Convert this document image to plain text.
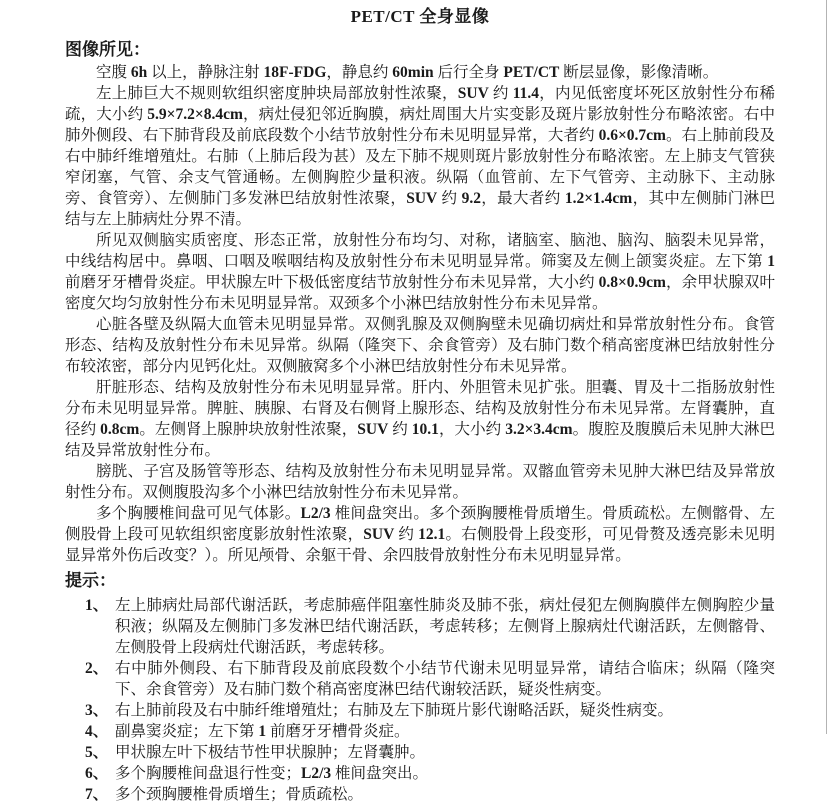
PET/CT 全身显像
图像所见：

空腹 6h 以上，静脉注射 18F-FDG，静息约 60min 后行全身 PET/CT 断层显像，影像清晰。

左上肺巨大不规则软组织密度肿块局部放射性浓聚，SUV 约 11.4，内见低密度坏死区放射性分布稀疏，大小约 5.9×7.2×8.4cm，病灶侵犯邻近胸膜，病灶周围大片实变影及斑片影放射性分布略浓密。右中肺外侧段、右下肺背段及前底段数个小结节放射性分布未见明显异常，大者约 0.6×0.7cm。右上肺前段及右中肺纤维增殖灶。右肺（上肺后段为甚）及左下肺不规则斑片影放射性分布略浓密。左上肺支气管狭窄闭塞，气管、余支气管通畅。左侧胸腔少量积液。纵隔（血管前、左下气管旁、主动脉下、主动脉旁、食管旁）、左侧肺门多发淋巴结放射性浓聚，SUV 约 9.2，最大者约 1.2×1.4cm，其中左侧肺门淋巴结与左上肺病灶分界不清。

所见双侧脑实质密度、形态正常，放射性分布均匀、对称，诸脑室、脑池、脑沟、脑裂未见异常，中线结构居中。鼻咽、口咽及喉咽结构及放射性分布未见明显异常。筛窦及左侧上颌窦炎症。左下第 1 前磨牙牙槽骨炎症。甲状腺左叶下极低密度结节放射性分布未见异常，大小约 0.8×0.9cm，余甲状腺双叶密度欠均匀放射性分布未见明显异常。双颈多个小淋巴结放射性分布未见异常。

心脏各壁及纵隔大血管未见明显异常。双侧乳腺及双侧胸壁未见确切病灶和异常放射性分布。食管形态、结构及放射性分布未见异常。纵隔（隆突下、余食管旁）及右肺门数个稍高密度淋巴结放射性分布较浓密，部分内见钙化灶。双侧腋窝多个小淋巴结放射性分布未见异常。

肝脏形态、结构及放射性分布未见明显异常。肝内、外胆管未见扩张。胆囊、胃及十二指肠放射性分布未见明显异常。脾脏、胰腺、右肾及右侧肾上腺形态、结构及放射性分布未见异常。左肾囊肿，直径约 0.8cm。左侧肾上腺肿块放射性浓聚，SUV 约 10.1，大小约 3.2×3.4cm。腹腔及腹膜后未见肿大淋巴结及异常放射性分布。

膀胱、子宫及肠管等形态、结构及放射性分布未见明显异常。双髂血管旁未见肿大淋巴结及异常放射性分布。双侧腹股沟多个小淋巴结放射性分布未见异常。

多个胸腰椎间盘可见气体影。L2/3 椎间盘突出。多个颈胸腰椎骨质增生。骨质疏松。左侧髂骨、左侧股骨上段可见软组织密度影放射性浓聚，SUV 约 12.1。右侧股骨上段变形，可见骨赘及透亮影未见明显异常外伤后改变？）。所见颅骨、余躯干骨、余四肢骨放射性分布未见明显异常。

提示：
1、 左上肺病灶局部代谢活跃，考虑肺癌伴阻塞性肺炎及肺不张，病灶侵犯左侧胸膜伴左侧胸腔少量积液；纵隔及左侧肺门多发淋巴结代谢活跃，考虑转移；左侧肾上腺病灶代谢活跃，左侧髂骨、左侧股骨上段病灶代谢活跃，考虑转移。
2、 右中肺外侧段、右下肺背段及前底段数个小结节代谢未见明显异常，请结合临床；纵隔（隆突下、余食管旁）及右肺门数个稍高密度淋巴结代谢较活跃，疑炎性病变。
3、 右上肺前段及右中肺纤维增殖灶；右肺及左下肺斑片影代谢略活跃，疑炎性病变。
4、 副鼻窦炎症；左下第 1 前磨牙牙槽骨炎症。
5、 甲状腺左叶下极结节性甲状腺肿；左肾囊肿。
6、 多个胸腰椎间盘退行性变；L2/3 椎间盘突出。
7、 多个颈胸腰椎骨质增生；骨质疏松。
